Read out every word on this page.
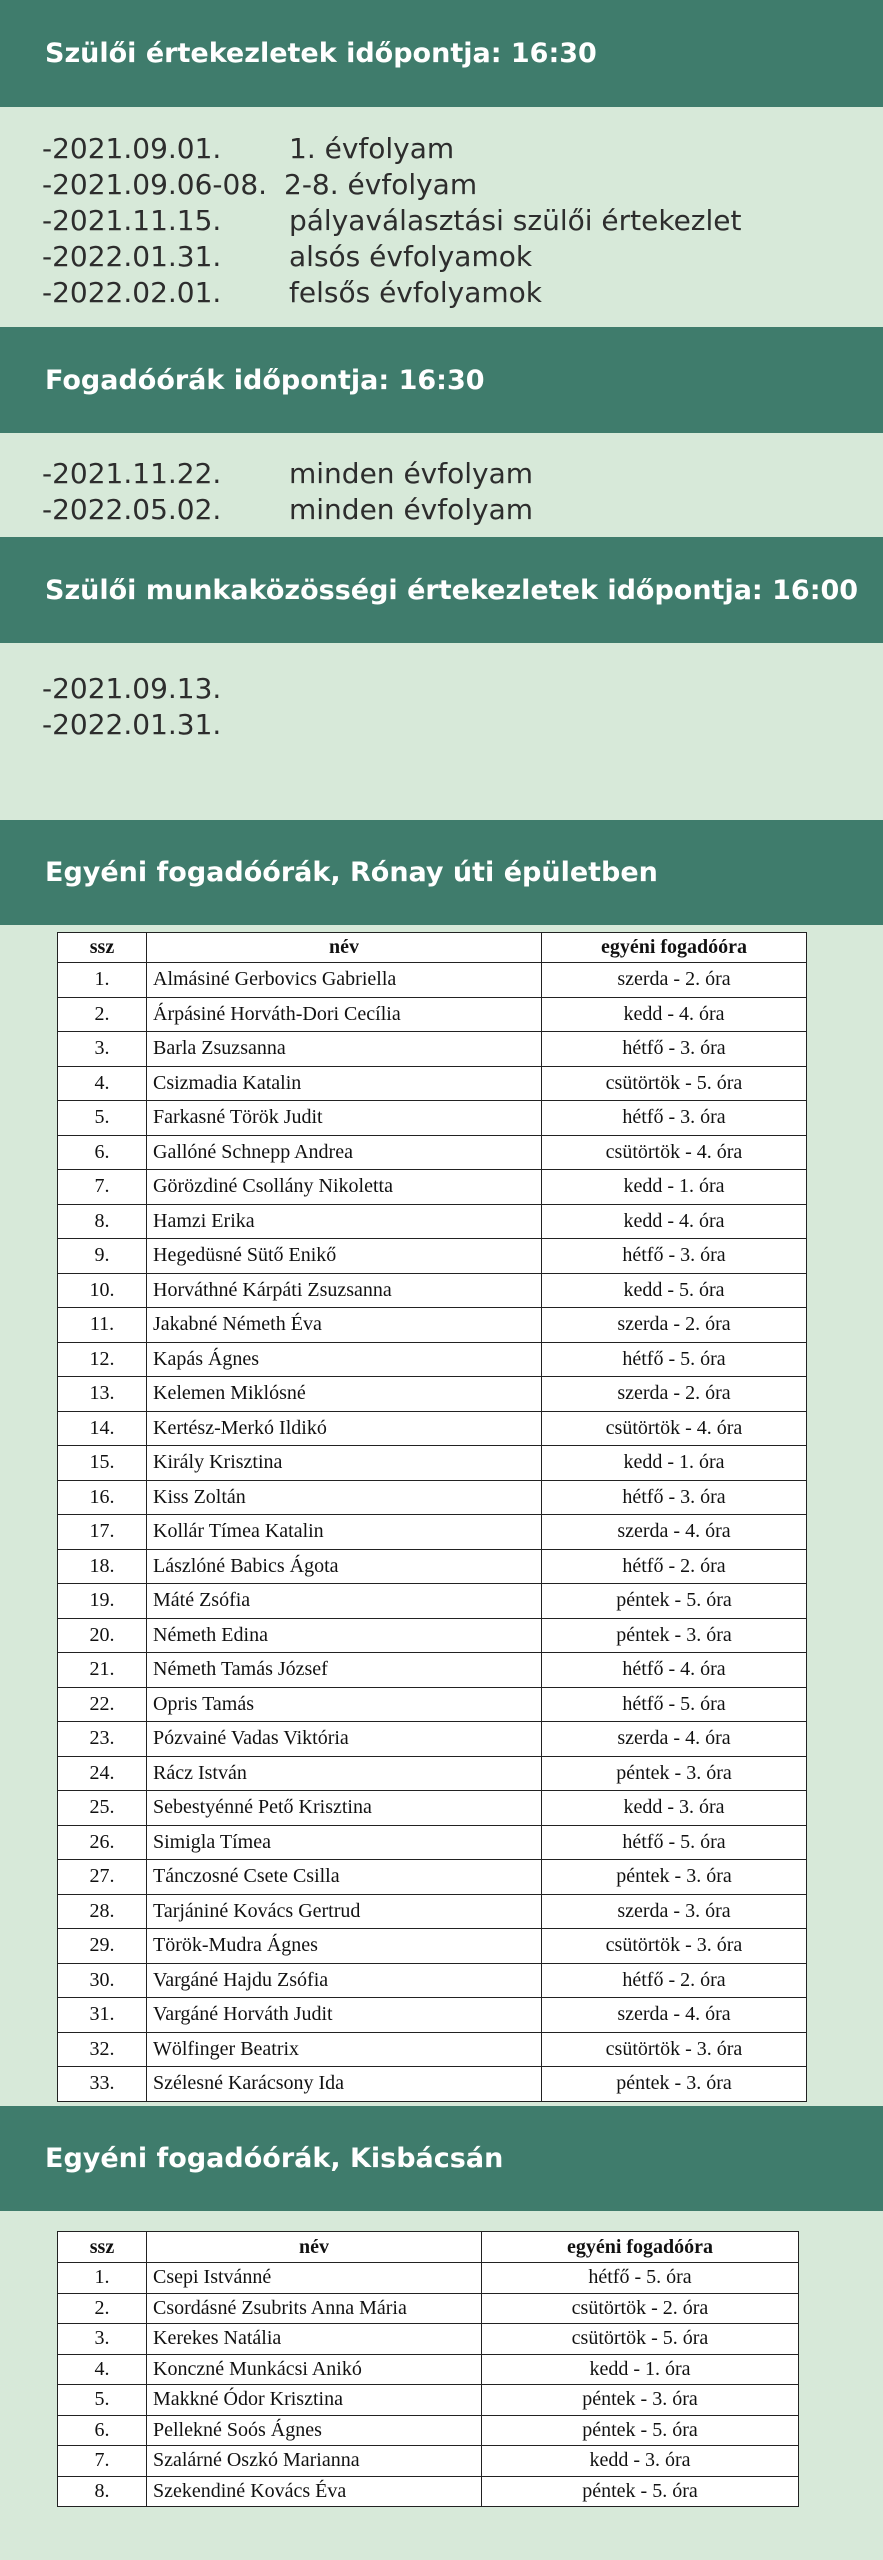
Szülői értekezletek időpontja: 16:30
-2021.09.01.	1. évfolyam
-2021.09.06-08. 2-8. évfolyam
-2021.11.15.	pályaválasztási szülői értekezlet
-2022.01.31.	alsós évfolyamok
-2022.02.01.	felsős évfolyamok
Fogadóórák időpontja: 16:30
-2021.11.22.	minden évfolyam
-2022.05.02.	minden évfolyam
Szülői munkaközösségi értekezletek időpontja: 16:00
-2021.09.13.
-2022.01.31.
Egyéni fogadóórák, Rónay úti épületben
ssz	név	egyéni fogadóóra
1.	Almásiné Gerbovics Gabriella	szerda - 2. óra
2.	Árpásiné Horváth-Dori Cecília	kedd - 4. óra
3.	Barla Zsuzsanna	hétfő - 3. óra
4.	Csizmadia Katalin	csütörtök - 5. óra
5.	Farkasné Török Judit	hétfő - 3. óra
6.	Gallóné Schnepp Andrea	csütörtök - 4. óra
7.	Görözdiné Csollány Nikoletta	kedd - 1. óra
8.	Hamzi Erika	kedd - 4. óra
9.	Hegedüsné Sütő Enikő	hétfő - 3. óra
10.	Horváthné Kárpáti Zsuzsanna	kedd - 5. óra
11.	Jakabné Németh Éva	szerda - 2. óra
12.	Kapás Ágnes	hétfő - 5. óra
13.	Kelemen Miklósné	szerda - 2. óra
14.	Kertész-Merkó Ildikó	csütörtök - 4. óra
15.	Király Krisztina	kedd - 1. óra
16.	Kiss Zoltán	hétfő - 3. óra
17.	Kollár Tímea Katalin	szerda - 4. óra
18.	Lászlóné Babics Ágota	hétfő - 2. óra
19.	Máté Zsófia	péntek - 5. óra
20.	Németh Edina	péntek - 3. óra
21.	Németh Tamás József	hétfő - 4. óra
22.	Opris Tamás	hétfő - 5. óra
23.	Pózvainé Vadas Viktória	szerda - 4. óra
24.	Rácz István	péntek - 3. óra
25.	Sebestyénné Pető Krisztina	kedd - 3. óra
26.	Simigla Tímea	hétfő - 5. óra
27.	Tánczosné Csete Csilla	péntek - 3. óra
28.	Tarjániné Kovács Gertrud	szerda - 3. óra
29.	Török-Mudra Ágnes	csütörtök - 3. óra
30.	Vargáné Hajdu Zsófia	hétfő - 2. óra
31.	Vargáné Horváth Judit	szerda - 4. óra
32.	Wölfinger Beatrix	csütörtök - 3. óra
33.	Szélesné Karácsony Ida	péntek - 3. óra
Egyéni fogadóórák, Kisbácsán
ssz	név	egyéni fogadóóra
1.	Csepi Istvánné	hétfő - 5. óra
2.	Csordásné Zsubrits Anna Mária	csütörtök - 2. óra
3.	Kerekes Natália	csütörtök - 5. óra
4.	Konczné Munkácsi Anikó	kedd - 1. óra
5.	Makkné Ódor Krisztina	péntek - 3. óra
6.	Pellekné Soós Ágnes	péntek - 5. óra
7.	Szalárné Oszkó Marianna	kedd - 3. óra
8.	Szekendiné Kovács Éva	péntek - 5. óra
